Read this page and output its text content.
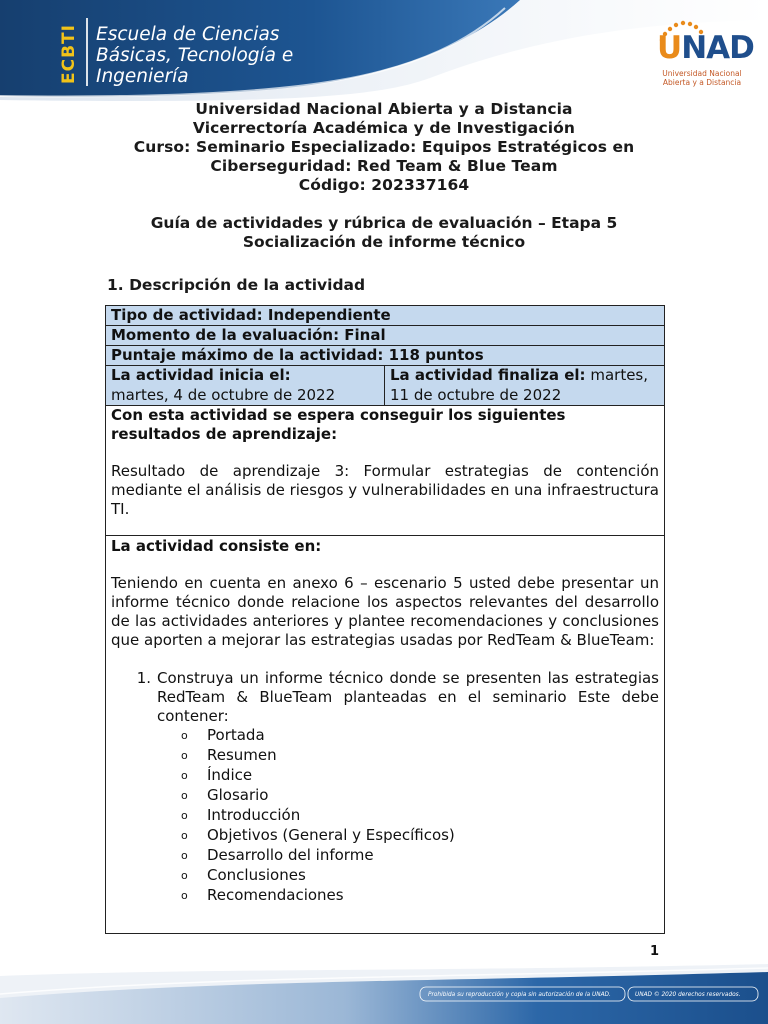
ECBTI Escuela de Ciencias
Básicas, Tecnología e
Ingeniería
UNAD
Universidad Nacional
Abierta y a Distancia
Universidad Nacional Abierta y a Distancia
Vicerrectoría Académica y de Investigación
Curso: Seminario Especializado: Equipos Estratégicos en
Ciberseguridad: Red Team & Blue Team
Código: 202337164
Guía de actividades y rúbrica de evaluación – Etapa 5
Socialización de informe técnico
1. Descripción de la actividad
Tipo de actividad: Independiente
Momento de la evaluación: Final
Puntaje máximo de la actividad: 118 puntos
La actividad inicia el:
martes, 4 de octubre de 2022
La actividad finaliza el: martes, 11 de octubre de 2022
Con esta actividad se espera conseguir los siguientes resultados de aprendizaje:
Resultado de aprendizaje 3: Formular estrategias de contención mediante el análisis de riesgos y vulnerabilidades en una infraestructura TI.
La actividad consiste en:
Teniendo en cuenta en anexo 6 – escenario 5 usted debe presentar un informe técnico donde relacione los aspectos relevantes del desarrollo de las actividades anteriores y plantee recomendaciones y conclusiones que aporten a mejorar las estrategias usadas por RedTeam & BlueTeam:
1. Construya un informe técnico donde se presenten las estrategias RedTeam & BlueTeam planteadas en el seminario Este debe contener:
o	Portada
o	Resumen
o	Índice
o	Glosario
o	Introducción
o	Objetivos (General y Específicos)
o	Desarrollo del informe
o	Conclusiones
o	Recomendaciones
1
Prohibida su reproducción y copia sin autorización de la UNAD.	UNAD © 2020 derechos reservados.
